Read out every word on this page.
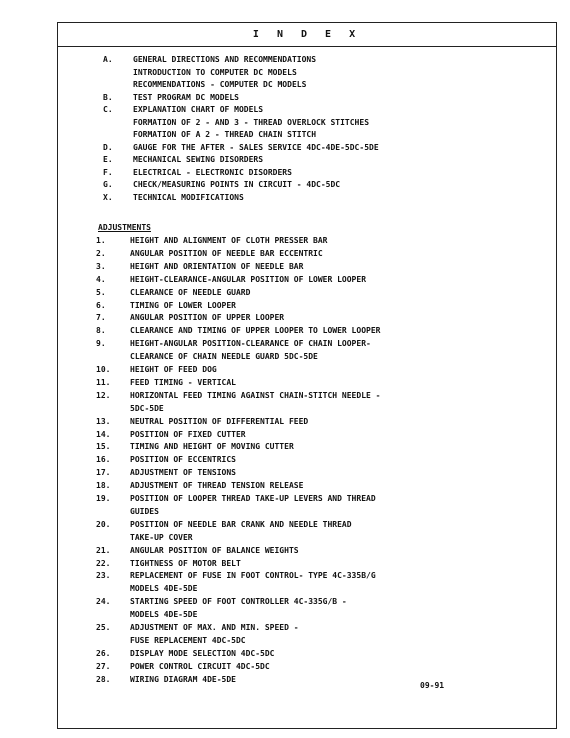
I N D E X
A.	GENERAL DIRECTIONS AND RECOMMENDATIONS
INTRODUCTION TO COMPUTER DC MODELS
RECOMMENDATIONS - COMPUTER DC MODELS
B.	TEST PROGRAM DC MODELS
C.	EXPLANATION CHART OF MODELS
FORMATION OF 2 - AND 3 - THREAD OVERLOCK STITCHES
FORMATION OF A 2 - THREAD CHAIN STITCH
D.	GAUGE FOR THE AFTER - SALES SERVICE 4DC-4DE-5DC-5DE
E.	MECHANICAL SEWING DISORDERS
F.	ELECTRICAL - ELECTRONIC DISORDERS
G.	CHECK/MEASURING POINTS IN CIRCUIT - 4DC-5DC
X.	TECHNICAL MODIFICATIONS
ADJUSTMENTS
1.	HEIGHT AND ALIGNMENT OF CLOTH PRESSER BAR
2.	ANGULAR POSITION OF NEEDLE BAR ECCENTRIC
3.	HEIGHT AND ORIENTATION OF NEEDLE BAR
4.	HEIGHT-CLEARANCE-ANGULAR POSITION OF LOWER LOOPER
5.	CLEARANCE OF NEEDLE GUARD
6.	TIMING OF LOWER LOOPER
7.	ANGULAR POSITION OF UPPER LOOPER
8.	CLEARANCE AND TIMING OF UPPER LOOPER TO LOWER LOOPER
9.	HEIGHT-ANGULAR POSITION-CLEARANCE OF CHAIN LOOPER-
CLEARANCE OF CHAIN NEEDLE GUARD 5DC-5DE
10. HEIGHT OF FEED DOG
11. FEED TIMING - VERTICAL
12. HORIZONTAL FEED TIMING AGAINST CHAIN-STITCH NEEDLE -
5DC-5DE
13. NEUTRAL POSITION OF DIFFERENTIAL FEED
14. POSITION OF FIXED CUTTER
15. TIMING AND HEIGHT OF MOVING CUTTER
16. POSITION OF ECCENTRICS
17. ADJUSTMENT OF TENSIONS
18. ADJUSTMENT OF THREAD TENSION RELEASE
19. POSITION OF LOOPER THREAD TAKE-UP LEVERS AND THREAD
GUIDES
20. POSITION OF NEEDLE BAR CRANK AND NEEDLE THREAD
TAKE-UP COVER
21. ANGULAR POSITION OF BALANCE WEIGHTS
22. TIGHTNESS OF MOTOR BELT
23. REPLACEMENT OF FUSE IN FOOT CONTROL- TYPE 4C-335B/G
MODELS 4DE-5DE
24. STARTING SPEED OF FOOT CONTROLLER 4C-335G/B -
MODELS 4DE-5DE
25. ADJUSTMENT OF MAX. AND MIN. SPEED -
FUSE REPLACEMENT 4DC-5DC
26. DISPLAY MODE SELECTION 4DC-5DC
27. POWER CONTROL CIRCUIT 4DC-5DC
28. WIRING DIAGRAM 4DE-5DE
09-91
